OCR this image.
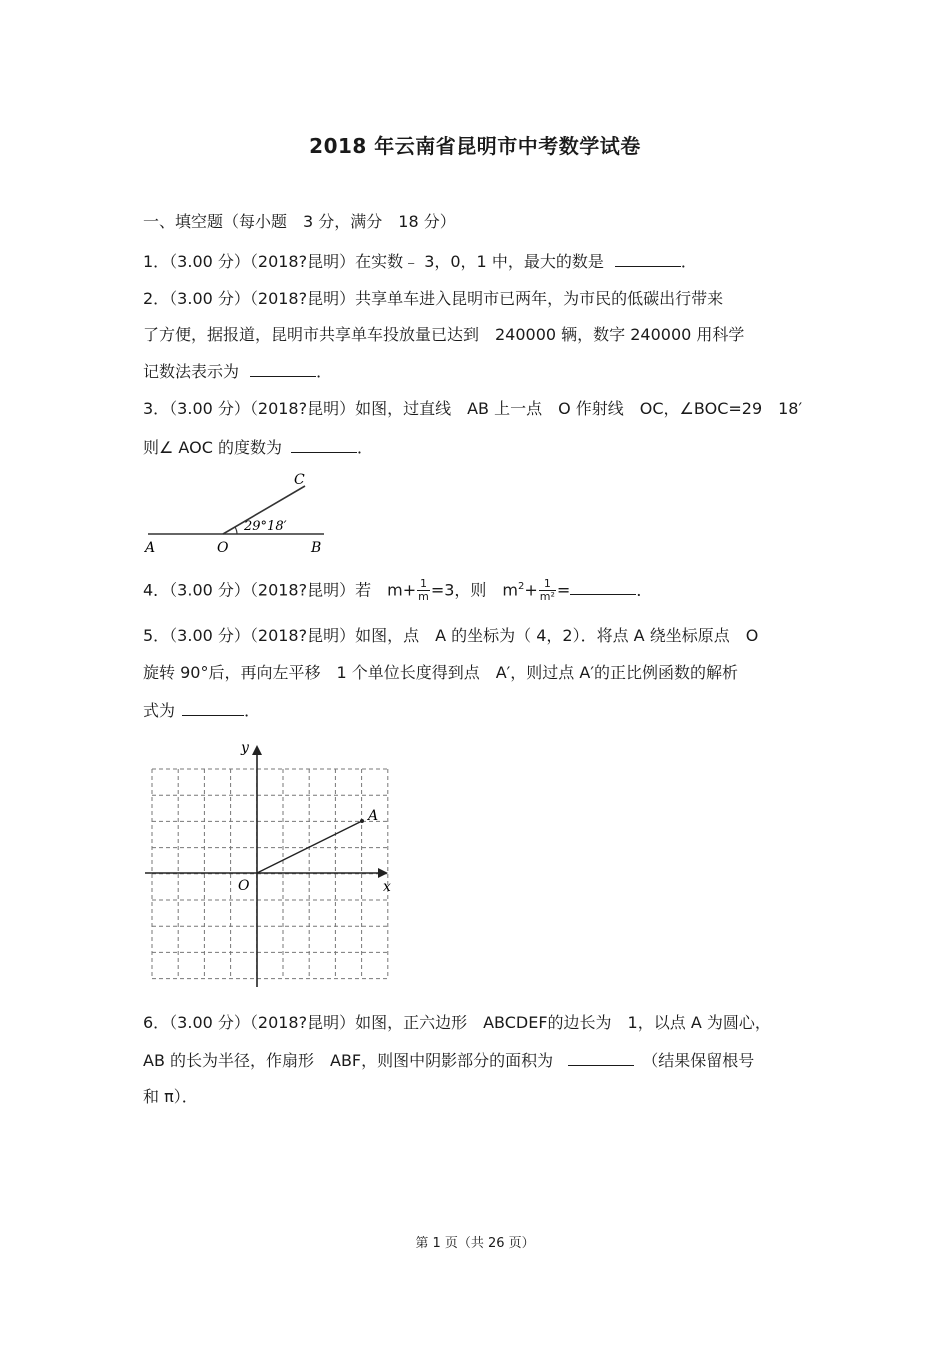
2018 年云南省昆明市中考数学试卷
一、填空题（每小题　3 分，满分　18 分）
1．（3.00 分）（2018?昆明）在实数﹣ 3，0，1 中，最大的数是	．
2．（3.00 分）（2018?昆明）共享单车进入昆明市已两年，为市民的低碳出行带来
了方便，据报道，昆明市共享单车投放量已达到　240000 辆，数字 240000 用科学
记数法表示为	．
3．（3.00 分）（2018?昆明）如图，过直线　AB 上一点　O 作射线　OC，∠BOC=29　18′
则∠ AOC 的度数为	．
A	O	B
C
29°18′
4．（3.00 分）（2018?昆明）若　$m+ \frac{1}{m} =3$，则　$m^2+ \frac{1}{\text{m²}}$ =	．
5．（3.00 分）（2018?昆明）如图，点　A 的坐标为（ 4，2）．将点 A 绕坐标原点　O
旋转 90°后，再向左平移　1 个单位长度得到点　A′，则过点 A′的正比例函数的解析
式为	．
x
y
O
A
6．（3.00 分）（2018?昆明）如图，正六边形　ABCDEF的边长为　1，以点 A 为圆心，
AB 的长为半径，作扇形　ABF，则图中阴影部分的面积为	（结果保留根号
和 π）．
第 1 页（共 26 页）
